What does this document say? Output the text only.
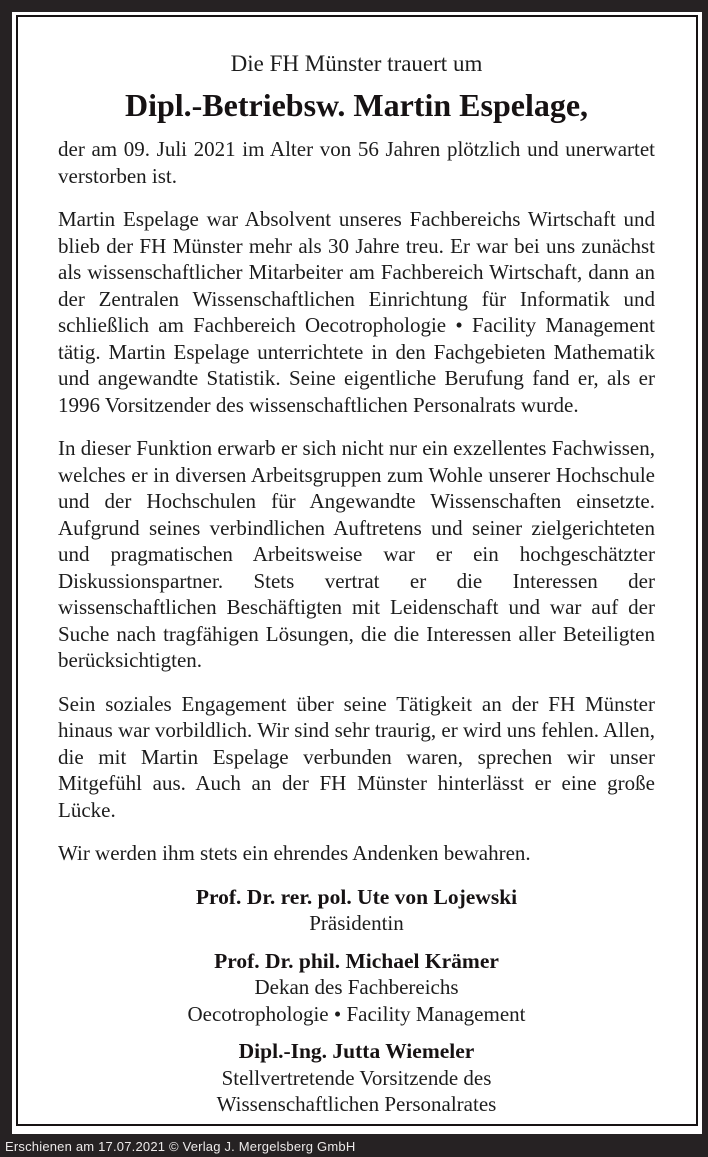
Die FH Münster trauert um

Dipl.-Betriebsw. Martin Espelage,

der am 09. Juli 2021 im Alter von 56 Jahren plötzlich und unerwartet verstorben ist.

Martin Espelage war Absolvent unseres Fachbereichs Wirtschaft und blieb der FH Münster mehr als 30 Jahre treu. Er war bei uns zunächst als wissenschaftlicher Mitarbeiter am Fachbereich Wirtschaft, dann an der Zentralen Wissenschaftlichen Einrichtung für Informatik und schließlich am Fachbereich Oecotrophologie • Facility Management tätig. Martin Espelage unterrichtete in den Fachgebieten Mathematik und angewandte Statistik. Seine eigentliche Berufung fand er, als er 1996 Vorsitzender des wissenschaftlichen Personalrats wurde.

In dieser Funktion erwarb er sich nicht nur ein exzellentes Fachwissen, welches er in diversen Arbeitsgruppen zum Wohle unserer Hochschule und der Hochschulen für Angewandte Wissenschaften einsetzte. Aufgrund seines verbindlichen Auftretens und seiner zielgerichteten und pragmatischen Arbeitsweise war er ein hochgeschätzter Diskussionspartner. Stets vertrat er die Interessen der wissenschaftlichen Beschäftigten mit Leidenschaft und war auf der Suche nach tragfähigen Lösungen, die die Interessen aller Beteiligten berücksichtigten.

Sein soziales Engagement über seine Tätigkeit an der FH Münster hinaus war vorbildlich. Wir sind sehr traurig, er wird uns fehlen. Allen, die mit Martin Espelage verbunden waren, sprechen wir unser Mitgefühl aus. Auch an der FH Münster hinterlässt er eine große Lücke.

Wir werden ihm stets ein ehrendes Andenken bewahren.

Prof. Dr. rer. pol. Ute von Lojewski

Präsidentin

Prof. Dr. phil. Michael Krämer

Dekan des Fachbereichs

Oecotrophologie • Facility Management

Dipl.-Ing. Jutta Wiemeler

Stellvertretende Vorsitzende des

Wissenschaftlichen Personalrates

Erschienen am 17.07.2021 © Verlag J. Mergelsberg GmbH
